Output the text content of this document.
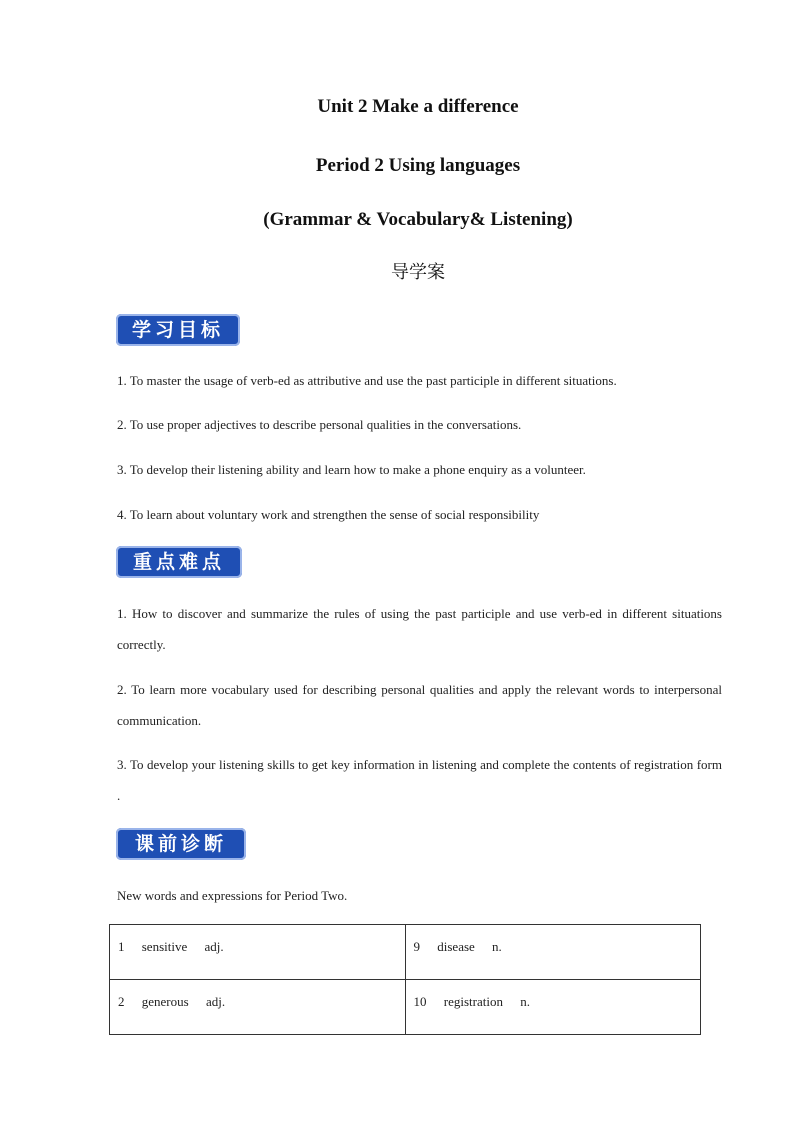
Unit 2 Make a difference
Period 2 Using languages
(Grammar & Vocabulary& Listening)
导学案
学习目标
1. To master the usage of verb-ed as attributive and use the past participle in different situations.
2. To use proper adjectives to describe personal qualities in the conversations.
3. To develop their listening ability and learn how to make a phone enquiry as a volunteer.
4. To learn about voluntary work and strengthen the sense of social responsibility
重点难点
1. How to discover and summarize the rules of using the past participle and use verb-ed in different situations correctly.
2. To learn more vocabulary used for describing personal qualities and apply the relevant words to interpersonal communication.
3. To develop your listening skills to get key information in listening and complete the contents of registration form .
课前诊断
New words and expressions for Period Two.
1 sensitive adj.	9 disease n.
2 generous adj.	10 registration n.
